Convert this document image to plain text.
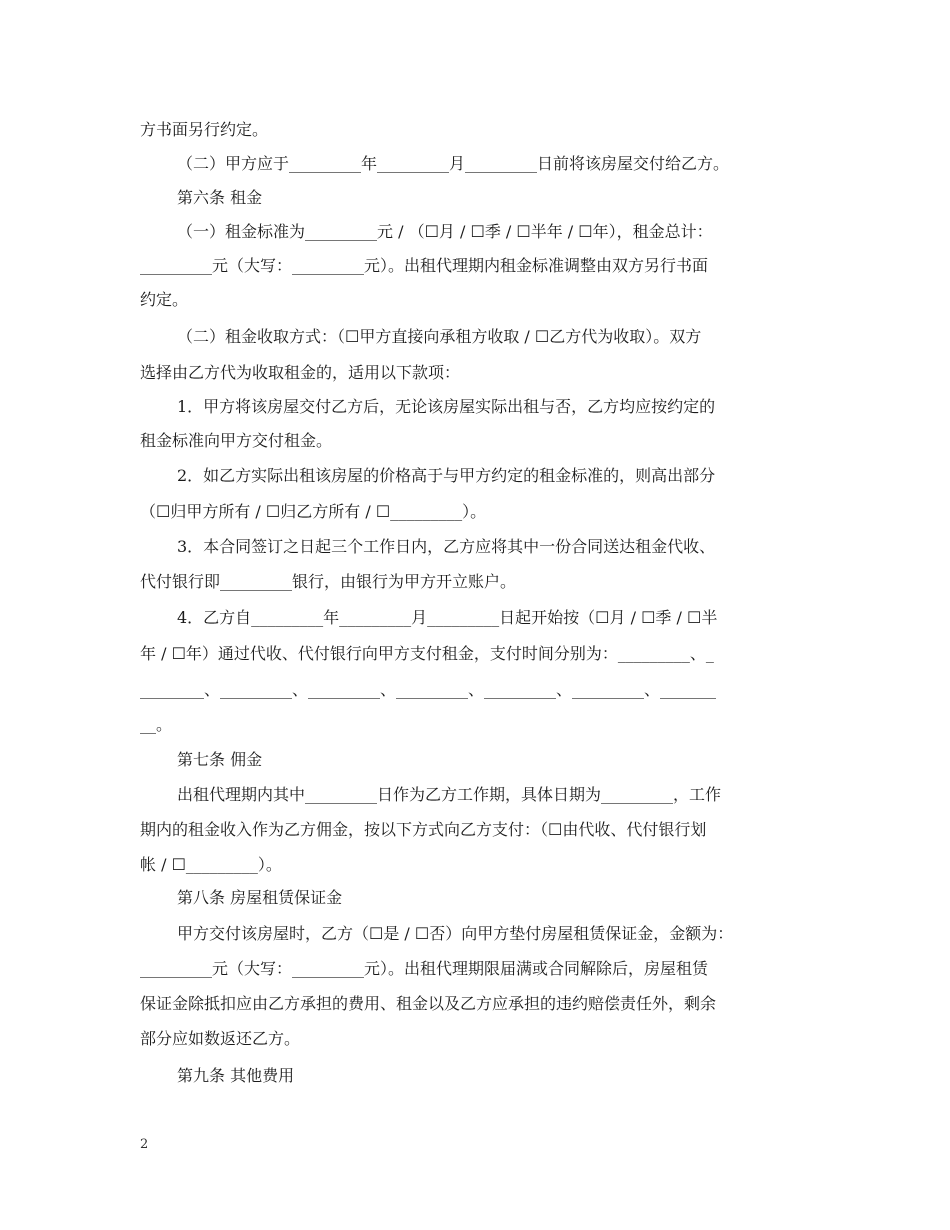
方书面另行约定。
（二）甲方应于_________年_________月_________日前将该房屋交付给乙方。
第六条 租金
（一）租金标准为_________元 / （☐月 / ☐季 / ☐半年 / ☐年），租金总计：
_________元（大写：_________元）。出租代理期内租金标准调整由双方另行书面
约定。
（二）租金收取方式：（☐甲方直接向承租方收取 / ☐乙方代为收取）。双方
选择由乙方代为收取租金的，适用以下款项：
1．甲方将该房屋交付乙方后，无论该房屋实际出租与否，乙方均应按约定的
租金标准向甲方交付租金。
2．如乙方实际出租该房屋的价格高于与甲方约定的租金标准的，则高出部分
（☐归甲方所有 / ☐归乙方所有 / ☐_________）。
3．本合同签订之日起三个工作日内，乙方应将其中一份合同送达租金代收、
代付银行即_________银行，由银行为甲方开立账户。
4．乙方自_________年_________月_________日起开始按（☐月 / ☐季 / ☐半
年 / ☐年）通过代收、代付银行向甲方支付租金，支付时间分别为：_________、_
________、_________、_________、_________、_________、_________、_______
__。
第七条 佣金
出租代理期内其中_________日作为乙方工作期，具体日期为_________，工作
期内的租金收入作为乙方佣金，按以下方式向乙方支付：（☐由代收、代付银行划
帐 / ☐_________）。
第八条 房屋租赁保证金
甲方交付该房屋时，乙方（☐是 / ☐否）向甲方垫付房屋租赁保证金，金额为：
_________元（大写：_________元）。出租代理期限届满或合同解除后，房屋租赁
保证金除抵扣应由乙方承担的费用、租金以及乙方应承担的违约赔偿责任外，剩余
部分应如数返还乙方。
第九条 其他费用
2
